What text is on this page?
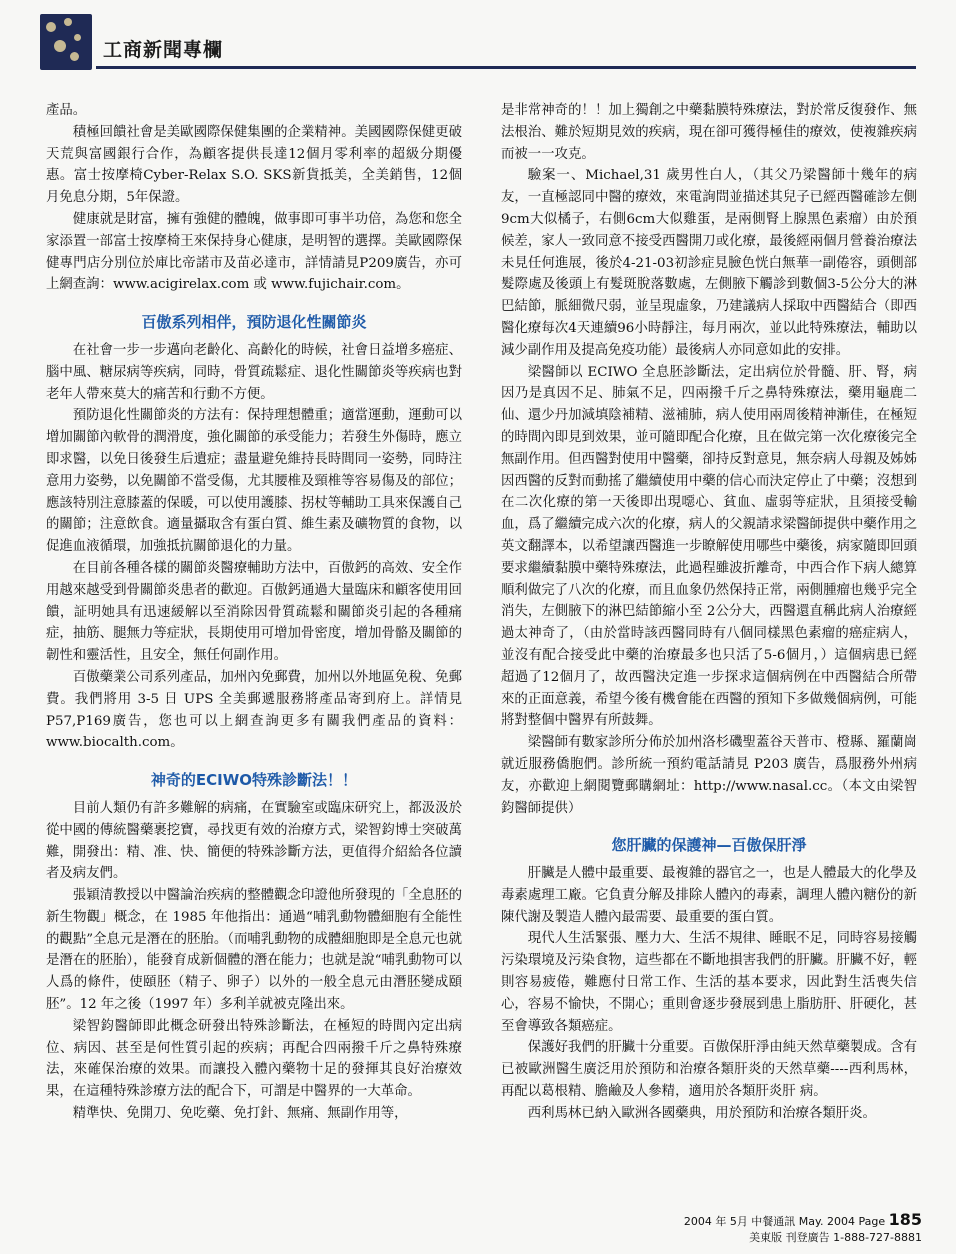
工商新聞專欄

產品。

積極回饋社會是美歐國際保健集團的企業精神。美國國際保健更破天荒與富國銀行合作，為顧客提供長達12個月零利率的超級分期優惠。富士按摩椅Cyber-Relax S.O. SKS新貨抵美，全美銷售，12個月免息分期，5年保證。

健康就是財富，擁有強健的體魄，做事即可事半功倍，為您和您全家添置一部富士按摩椅王來保持身心健康，是明智的選擇。美歐國際保健專門店分別位於庫比帝諾市及苗必達市，詳情請見P209廣告，亦可上網查詢：www.acigirelax.com 或 www.fujichair.com。

百傲系列相伴，預防退化性關節炎

在社會一步一步邁向老齡化、高齡化的時候，社會日益增多癌症、腦中風、糖尿病等疾病，同時，骨質疏鬆症、退化性關節炎等疾病也對老年人帶來莫大的痛苦和行動不方便。

預防退化性關節炎的方法有：保持理想體重；適當運動，運動可以增加關節內軟骨的潤滑度，強化關節的承受能力；若發生外傷時，應立即求醫，以免日後發生后遺症；盡量避免維持長時間同一姿勢，同時注意用力姿勢，以免關節不當受傷，尤其腰椎及頸椎等容易傷及的部位；應該特別注意膝蓋的保暖，可以使用護膝、拐杖等輔助工具來保護自己的關節；注意飲食。適量攝取含有蛋白質、維生素及礦物質的食物，以促進血液循環，加強抵抗關節退化的力量。

在目前各種各樣的關節炎醫療輔助方法中，百傲鈣的高效、安全作用越來越受到骨關節炎患者的歡迎。百傲鈣通過大量臨床和顧客使用回饋，証明她具有迅速緩解以至消除因骨質疏鬆和關節炎引起的各種痛症，抽筋、腿無力等症狀，長期使用可增加骨密度，增加骨骼及關節的韌性和靈活性，且安全，無任何副作用。

百傲藥業公司系列產品，加州內免郵費，加州以外地區免稅、免郵費。我們將用 3-5 日 UPS 全美郵遞服務將產品寄到府上。詳情見P57,P169廣告，您也可以上網查詢更多有關我們產品的資料：www.biocalth.com。

神奇的ECIWO特殊診斷法！！

目前人類仍有許多難解的病痛，在實驗室或臨床研究上，都汲汲於從中國的傳統醫藥裹挖寶，尋找更有效的治療方式，梁智鈞博士突破萬難，開發出：精、准、快、簡便的特殊診斷方法，更值得介紹給各位讀者及病友們。

張穎清教授以中醫論治疾病的整體觀念印證他所發現的「全息胚的新生物觀」概念，在 1985 年他指出：通過“哺乳動物體細胞有全能性的觀點”全息元是潛在的胚胎。（而哺乳動物的成體細胞即是全息元也就是潛在的胚胎），能發育成新個體的潛在能力；也就是說“哺乳動物可以人爲的條件，使頤胚（精子、卵子）以外的一般全息元由潛胚變成頤胚”。12 年之後（1997 年）多利羊就被克隆出來。

梁智鈞醫師即此概念研發出特殊診斷法，在極短的時間內定出病位、病因、甚至是何性質引起的疾病；再配合四兩撥千斤之鼻特殊療法，來確保治療的效果。而讓投入體內藥物十足的發揮其良好治療效果，在這種特殊診療方法的配合下，可謂是中醫界的一大革命。

精準快、免開刀、免吃藥、免打針、無痛、無副作用等，

是非常神奇的！！加上獨創之中藥黏膜特殊療法，對於常反復發作、無法根治、難於短期見效的疾病，現在卻可獲得極佳的療效，使複雜疾病而被一一攻克。

驗案一、Michael,31 歲男性白人，（其父乃梁醫師十幾年的病友，一直極認同中醫的療效，來電詢問並描述其兒子已經西醫確診左側9cm大似橘子，右側6cm大似雞蛋，是兩側腎上腺黑色素瘤）由於預候差，家人一致同意不接受西醫開刀或化療，最後經兩個月營養治療法未見任何進展，後於4-21-03初診症見臉色恍白無華一副倦容，頭側部髮際處及後頭上有髮斑脫落數處，左側腋下觸診到數個3-5公分大的淋巴結節，脈細微尺弱，並呈現虛象，乃建議病人採取中西醫結合（即西醫化療每次4天連續96小時靜注，每月兩次，並以此特殊療法，輔助以減少副作用及提高免疫功能）最後病人亦同意如此的安排。

梁醫師以 ECIWO 全息胚診斷法，定出病位於骨髓、肝、腎，病因乃是真因不足、肺氣不足，四兩撥千斤之鼻特殊療法，藥用龜鹿二仙、還少丹加減填陰補精、滋補肺，病人使用兩周後精神漸佳，在極短的時間內即見到效果，並可隨即配合化療，且在做完第一次化療後完全無副作用。但西醫對使用中醫藥，卻持反對意見，無奈病人母親及姊姊因西醫的反對而動搖了繼續使用中藥的信心而決定停止了中藥；沒想到在二次化療的第一天後即出現噁心、貧血、虛弱等症狀，且須接受輸血，爲了繼續完成六次的化療，病人的父親請求梁醫師提供中藥作用之英文翻譯本，以希望讓西醫進一步瞭解使用哪些中藥後，病家隨即回頭要求繼續黏膜中藥特殊療法，此過程雖波折離奇，中西合作下病人總算順利做完了八次的化療，而且血象仍然保持正常，兩側腫瘤也幾乎完全消失，左側腋下的淋巴結節縮小至 2公分大，西醫還直稱此病人治療經過太神奇了，（由於當時該西醫同時有八個同樣黑色素瘤的癌症病人，並沒有配合接受此中藥的治療最多也只活了5-6個月，）這個病患已經超過了12個月了，故西醫決定進一步探求這個病例在中西醫結合所帶來的正面意義，希望今後有機會能在西醫的預知下多做幾個病例，可能將對整個中醫界有所鼓舞。

梁醫師有數家診所分佈於加州洛杉磯聖蓋谷天普市、橙縣、羅蘭崗就近服務僑胞們。診所統一預約電話請見 P203 廣告，爲服務外州病友，亦歡迎上網閱覽郵購網址：http://www.nasal.cc。（本文由梁智鈞醫師提供）

您肝臟的保護神—百傲保肝淨

肝臟是人體中最重要、最複雜的器官之一，也是人體最大的化學及毒素處理工廠。它負責分解及排除人體內的毒素，調理人體內糖份的新陳代謝及製造人體內最需要、最重要的蛋白質。

現代人生活緊張、壓力大、生活不規律、睡眠不足，同時容易接觸污染環境及污染食物，這些都在不斷地損害我們的肝臟。肝臟不好，輕則容易疲倦，難應付日常工作、生活的基本要求，因此對生活喪失信心，容易不愉快，不開心；重則會逐步發展到患上脂肪肝、肝硬化，甚至會導致各類癌症。

保護好我們的肝臟十分重要。百傲保肝淨由純天然草藥製成。含有已被歐洲醫生廣泛用於預防和治療各類肝炎的天然草藥----西利馬林，再配以葛根精、膽鹼及人參精，適用於各類肝炎肝 病。

西利馬林已納入歐洲各國藥典，用於預防和治療各類肝炎。

2004 年 5月 中餐通訊 May. 2004 Page 185
美東版 刊登廣告 1-888-727-8881
